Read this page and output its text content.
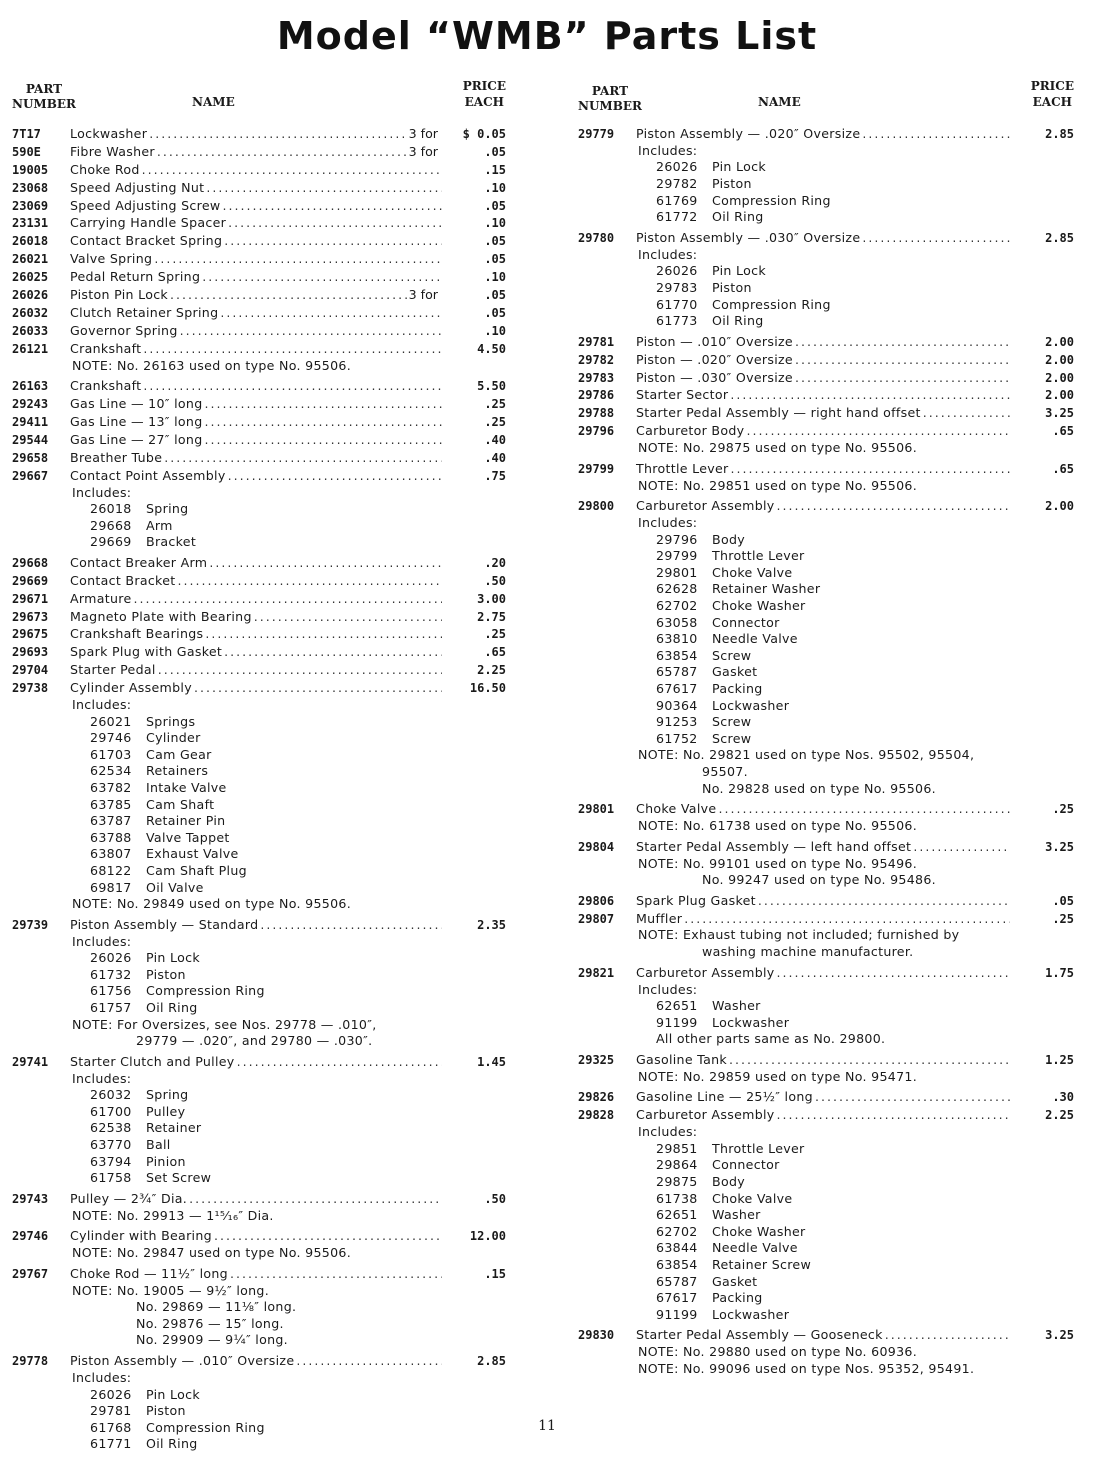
Model “WMB” Parts List
PART
NUMBER	NAME
PRICE
EACH
7T17	Lockwasher .....	3 for	$ 0.05
590E	Fibre Washer .....	3 for	.05
19005	Choke Rod .....	.15
23068	Speed Adjusting Nut .....	.10
23069	Speed Adjusting Screw .....	.05
23131	Carrying Handle Spacer .....	.10
26018	Contact Bracket Spring .....	.05
26021	Valve Spring .....	.05
26025	Pedal Return Spring .....	.10
26026	Piston Pin Lock .....	3 for	.05
26032	Clutch Retainer Spring .....	.05
26033	Governor Spring .....	.10
26121	Crankshaft .....	4.50
NOTE: No. 26163 used on type No. 95506.
26163	Crankshaft .....	5.50
29243	Gas Line — 10″ long .....	.25
29411	Gas Line — 13″ long .....	.25
29544	Gas Line — 27″ long .....	.40
29658	Breather Tube .....	.40
29667	Contact Point Assembly .....	.75
Includes:
26018 Spring
29668 Arm
29669 Bracket
29668	Contact Breaker Arm .....	.20
29669	Contact Bracket .....	.50
29671	Armature .....	3.00
29673	Magneto Plate with Bearing .....	2.75
29675	Crankshaft Bearings .....	.25
29693	Spark Plug with Gasket .....	.65
29704	Starter Pedal .....	2.25
29738	Cylinder Assembly .....	16.50
Includes:
26021 Springs
29746 Cylinder
61703 Cam Gear
62534 Retainers
63782 Intake Valve
63785 Cam Shaft
63787 Retainer Pin
63788 Valve Tappet
63807 Exhaust Valve
68122 Cam Shaft Plug
69817 Oil Valve
NOTE: No. 29849 used on type No. 95506.
29739	Piston Assembly — Standard .....	2.35
Includes:
26026 Pin Lock
61732 Piston
61756 Compression Ring
61757 Oil Ring
NOTE: For Oversizes, see Nos. 29778 — .010″,
29779 — .020″, and 29780 — .030″.
29741	Starter Clutch and Pulley .....	1.45
Includes:
26032 Spring
61700 Pulley
62538 Retainer
63770 Ball
63794 Pinion
61758 Set Screw
29743	Pulley — 2¾″ Dia. .....	.50
NOTE: No. 29913 — 1¹⁵⁄₁₆″ Dia.
29746	Cylinder with Bearing .....	12.00
NOTE: No. 29847 used on type No. 95506.
29767	Choke Rod — 11½″ long .....	.15
NOTE: No. 19005 — 9½″ long.
No. 29869 — 11⅛″ long.
No. 29876 — 15″ long.
No. 29909 — 9¼″ long.
29778	Piston Assembly — .010″ Oversize .....	2.85
Includes:
26026 Pin Lock
29781 Piston
61768 Compression Ring
61771 Oil Ring
PART
NUMBER	NAME
PRICE
EACH
29779	Piston Assembly — .020″ Oversize .....	2.85
Includes:
26026 Pin Lock
29782 Piston
61769 Compression Ring
61772 Oil Ring
29780	Piston Assembly — .030″ Oversize .....	2.85
Includes:
26026 Pin Lock
29783 Piston
61770 Compression Ring
61773 Oil Ring
29781	Piston — .010″ Oversize .....	2.00
29782	Piston — .020″ Oversize .....	2.00
29783	Piston — .030″ Oversize .....	2.00
29786	Starter Sector .....	2.00
29788	Starter Pedal Assembly — right hand offset .....	3.25
29796	Carburetor Body .....	.65
NOTE: No. 29875 used on type No. 95506.
29799	Throttle Lever .....	.65
NOTE: No. 29851 used on type No. 95506.
29800	Carburetor Assembly .....	2.00
Includes:
29796 Body
29799 Throttle Lever
29801 Choke Valve
62628 Retainer Washer
62702 Choke Washer
63058 Connector
63810 Needle Valve
63854 Screw
65787 Gasket
67617 Packing
90364 Lockwasher
91253 Screw
61752 Screw
NOTE: No. 29821 used on type Nos. 95502, 95504,
95507.
No. 29828 used on type No. 95506.
29801	Choke Valve .....	.25
NOTE: No. 61738 used on type No. 95506.
29804	Starter Pedal Assembly — left hand offset .....	3.25
NOTE: No. 99101 used on type No. 95496.
No. 99247 used on type No. 95486.
29806	Spark Plug Gasket .....	.05
29807	Muffler .....	.25
NOTE: Exhaust tubing not included; furnished by
washing machine manufacturer.
29821	Carburetor Assembly .....	1.75
Includes:
62651 Washer
91199 Lockwasher
All other parts same as No. 29800.
29325	Gasoline Tank .....	1.25
NOTE: No. 29859 used on type No. 95471.
29826	Gasoline Line — 25½″ long .....	.30
29828	Carburetor Assembly .....	2.25
Includes:
29851 Throttle Lever
29864 Connector
29875 Body
61738 Choke Valve
62651 Washer
62702 Choke Washer
63844 Needle Valve
63854 Retainer Screw
65787 Gasket
67617 Packing
91199 Lockwasher
29830	Starter Pedal Assembly — Gooseneck .....	3.25
NOTE: No. 29880 used on type No. 60936.
NOTE: No. 99096 used on type Nos. 95352, 95491.
11
